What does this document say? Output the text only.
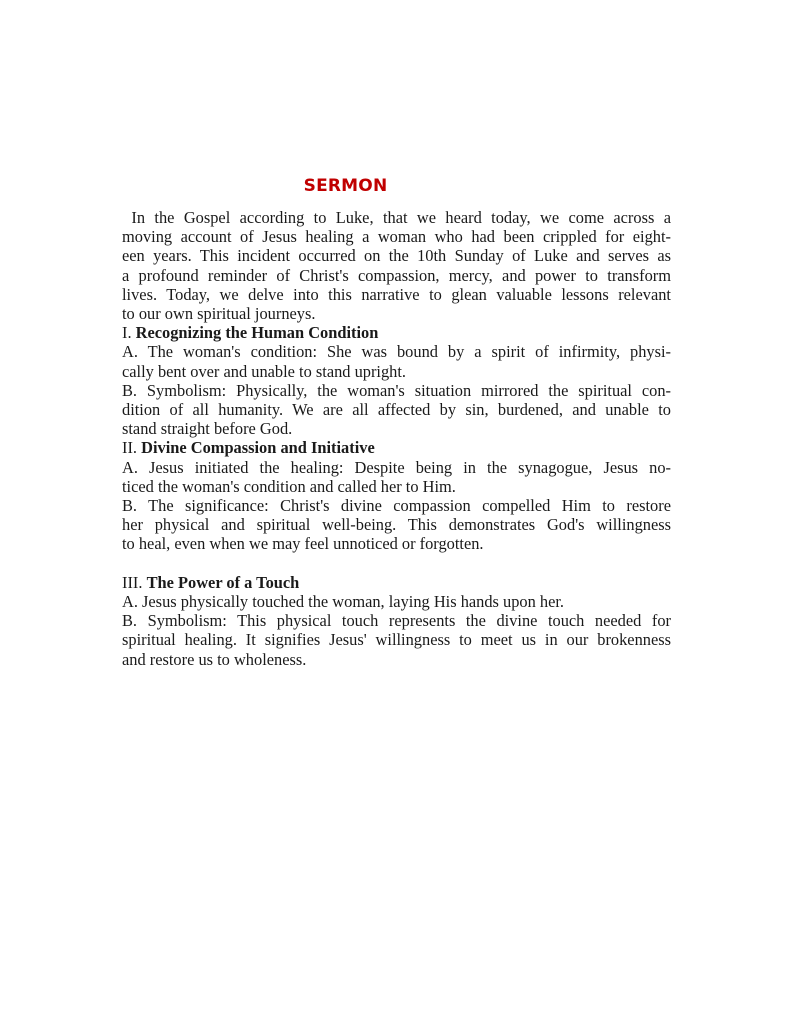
SERMON
In the Gospel according to Luke, that we heard today, we come across a
moving account of Jesus healing a woman who had been crippled for eight-
een years. This incident occurred on the 10th Sunday of Luke and serves as
a profound reminder of Christ's compassion, mercy, and power to transform
lives. Today, we delve into this narrative to glean valuable lessons relevant
to our own spiritual journeys.
I. Recognizing the Human Condition
A. The woman's condition: She was bound by a spirit of infirmity, physi-
cally bent over and unable to stand upright.
B. Symbolism: Physically, the woman's situation mirrored the spiritual con-
dition of all humanity. We are all affected by sin, burdened, and unable to
stand straight before God.
II. Divine Compassion and Initiative
A. Jesus initiated the healing: Despite being in the synagogue, Jesus no-
ticed the woman's condition and called her to Him.
B. The significance: Christ's divine compassion compelled Him to restore
her physical and spiritual well-being. This demonstrates God's willingness
to heal, even when we may feel unnoticed or forgotten.
III. The Power of a Touch
A. Jesus physically touched the woman, laying His hands upon her.
B. Symbolism: This physical touch represents the divine touch needed for
spiritual healing. It signifies Jesus' willingness to meet us in our brokenness
and restore us to wholeness.
